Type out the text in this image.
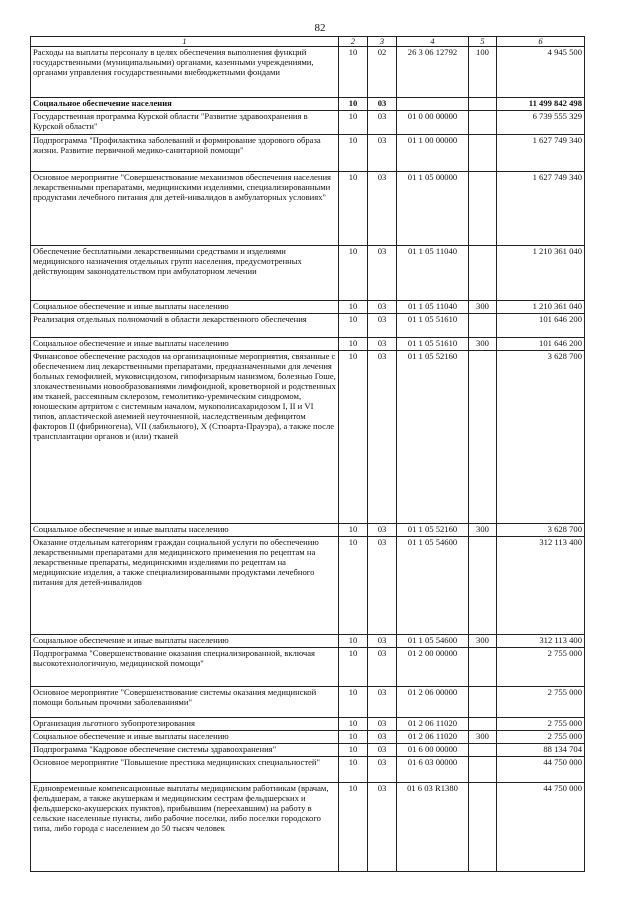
82
1	2	3	4	5	6
Расходы на выплаты персоналу в целях обеспечения выполнения функций государственными (муниципальными) органами, казенными учреждениями, органами управления государственными внебюджетными фондами	10	02	26 3 06 12792	100	4 945 500
Социальное обеспечение населения	10	03			11 499 842 498
Государственная программа Курской области "Развитие здравоохранения в Курской области"	10	03	01 0 00 00000		6 739 555 329
Подпрограмма "Профилактика заболеваний и формирование здорового образа жизни. Развитие первичной медико-санитарной помощи"	10	03	01 1 00 00000		1 627 749 340
Основное мероприятие "Совершенствование механизмов обеспечения населения лекарственными препаратами, медицинскими изделиями, специализированными продуктами лечебного питания для детей-инвалидов в амбулаторных условиях"	10	03	01 1 05 00000		1 627 749 340
Обеспечение бесплатными лекарственными средствами и изделиями медицинского назначения отдельных групп населения, предусмотренных действующим законодательством при амбулаторном лечении	10	03	01 1 05 11040		1 210 361 040
Социальное обеспечение и иные выплаты населению	10	03	01 1 05 11040	300	1 210 361 040
Реализация отдельных полномочий в области лекарственного обеспечения	10	03	01 1 05 51610		101 646 200
Социальное обеспечение и иные выплаты населению	10	03	01 1 05 51610	300	101 646 200
Финансовое обеспечение расходов на организационные мероприятия, связанные с обеспечением лиц лекарственными препаратами, предназначенными для лечения больных гемофилией, муковисцидозом, гипофизарным нанизмом, болезнью Гоше, злокачественными новообразованиями лимфоидной, кроветворной и родственных им тканей, рассеянным склерозом, гемолитико-уремическим синдромом, юношеским артритом с системным началом, мукополисахаридозом I, II и VI типов, апластической анемией неуточненной, наследственным дефицитом факторов II (фибриногена), VII (лабильного), X (Стюарта-Прауэра), а также после трансплантации органов и (или) тканей	10	03	01 1 05 52160		3 628 700
Социальное обеспечение и иные выплаты населению	10	03	01 1 05 52160	300	3 628 700
Оказание отдельным категориям граждан социальной услуги по обеспечению лекарственными препаратами для медицинского применения по рецептам на лекарственные препараты, медицинскими изделиями по рецептам на медицинские изделия, а также специализированными продуктами лечебного питания для детей-инвалидов	10	03	01 1 05 54600		312 113 400
Социальное обеспечение и иные выплаты населению	10	03	01 1 05 54600	300	312 113 400
Подпрограмма "Совершенствование оказания специализированной, включая высокотехнологичную, медицинской помощи"	10	03	01 2 00 00000		2 755 000
Основное мероприятие "Совершенствование системы оказания медицинской помощи больным прочими заболеваниями"	10	03	01 2 06 00000		2 755 000
Организация льготного зубопротезирования	10	03	01 2 06 11020		2 755 000
Социальное обеспечение и иные выплаты населению	10	03	01 2 06 11020	300	2 755 000
Подпрограмма "Кадровое обеспечение системы здравоохранения"	10	03	01 6 00 00000		88 134 704
Основное мероприятие "Повышение престижа медицинских специальностей"	10	03	01 6 03 00000		44 750 000
Единовременные компенсационные выплаты медицинским работникам (врачам, фельдшерам, а также акушеркам и медицинским сестрам фельдшерских и фельдшерско-акушерских пунктов), прибывшим (переехавшим) на работу в сельские населенные пункты, либо рабочие поселки, либо поселки городского типа, либо города с населением до 50 тысяч человек	10	03	01 6 03 R1380		44 750 000
